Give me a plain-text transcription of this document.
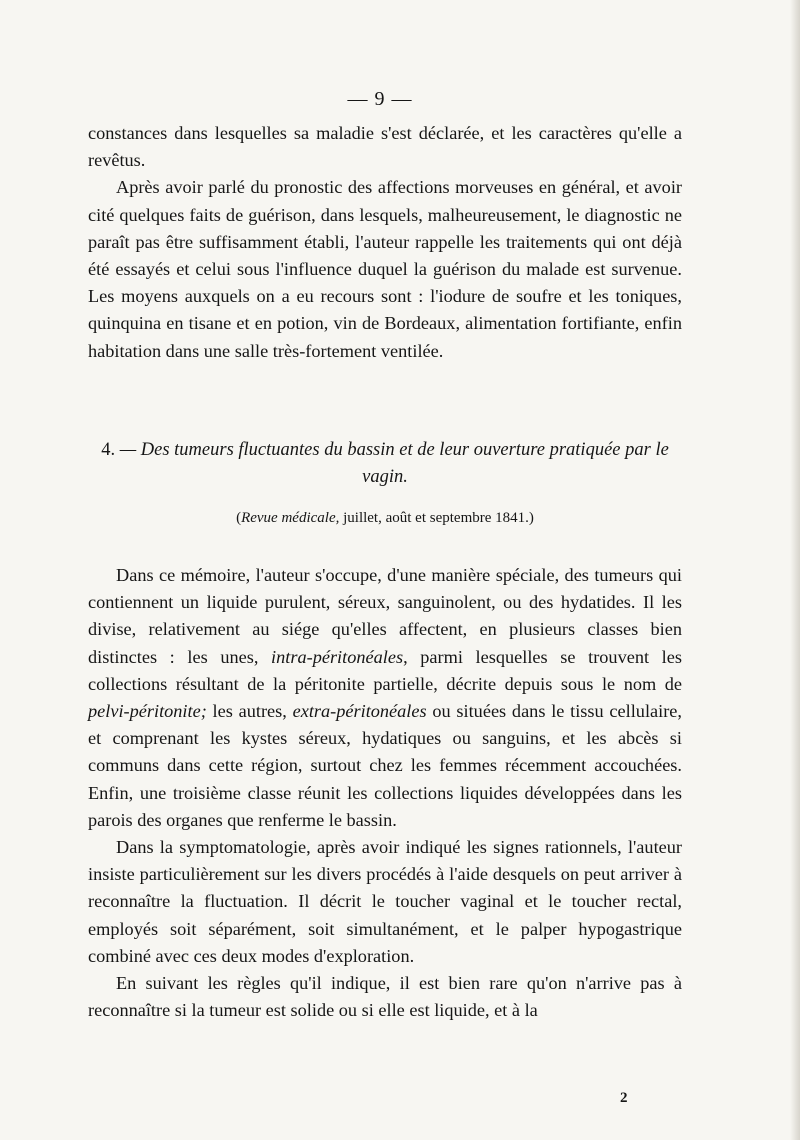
— 9 —

constances dans lesquelles sa maladie s'est déclarée, et les caractères qu'elle a revêtus.

Après avoir parlé du pronostic des affections morveuses en général, et avoir cité quelques faits de guérison, dans lesquels, malheureusement, le diagnostic ne paraît pas être suffisamment établi, l'auteur rappelle les traitements qui ont déjà été essayés et celui sous l'influence duquel la guérison du malade est survenue. Les moyens auxquels on a eu recours sont : l'iodure de soufre et les toniques, quinquina en tisane et en potion, vin de Bordeaux, alimentation fortifiante, enfin habitation dans une salle très-fortement ventilée.

4. — Des tumeurs fluctuantes du bassin et de leur ouverture pratiquée par le vagin.
(Revue médicale, juillet, août et septembre 1841.)

Dans ce mémoire, l'auteur s'occupe, d'une manière spéciale, des tumeurs qui contiennent un liquide purulent, séreux, sanguinolent, ou des hydatides. Il les divise, relativement au siége qu'elles affectent, en plusieurs classes bien distinctes : les unes, intra-péritonéales, parmi lesquelles se trouvent les collections résultant de la péritonite partielle, décrite depuis sous le nom de pelvi-péritonite; les autres, extra-péritonéales ou situées dans le tissu cellulaire, et comprenant les kystes séreux, hydatiques ou sanguins, et les abcès si communs dans cette région, surtout chez les femmes récemment accouchées. Enfin, une troisième classe réunit les collections liquides développées dans les parois des organes que renferme le bassin.

Dans la symptomatologie, après avoir indiqué les signes rationnels, l'auteur insiste particulièrement sur les divers procédés à l'aide desquels on peut arriver à reconnaître la fluctuation. Il décrit le toucher vaginal et le toucher rectal, employés soit séparément, soit simultanément, et le palper hypogastrique combiné avec ces deux modes d'exploration.

En suivant les règles qu'il indique, il est bien rare qu'on n'arrive pas à reconnaître si la tumeur est solide ou si elle est liquide, et à la

2
